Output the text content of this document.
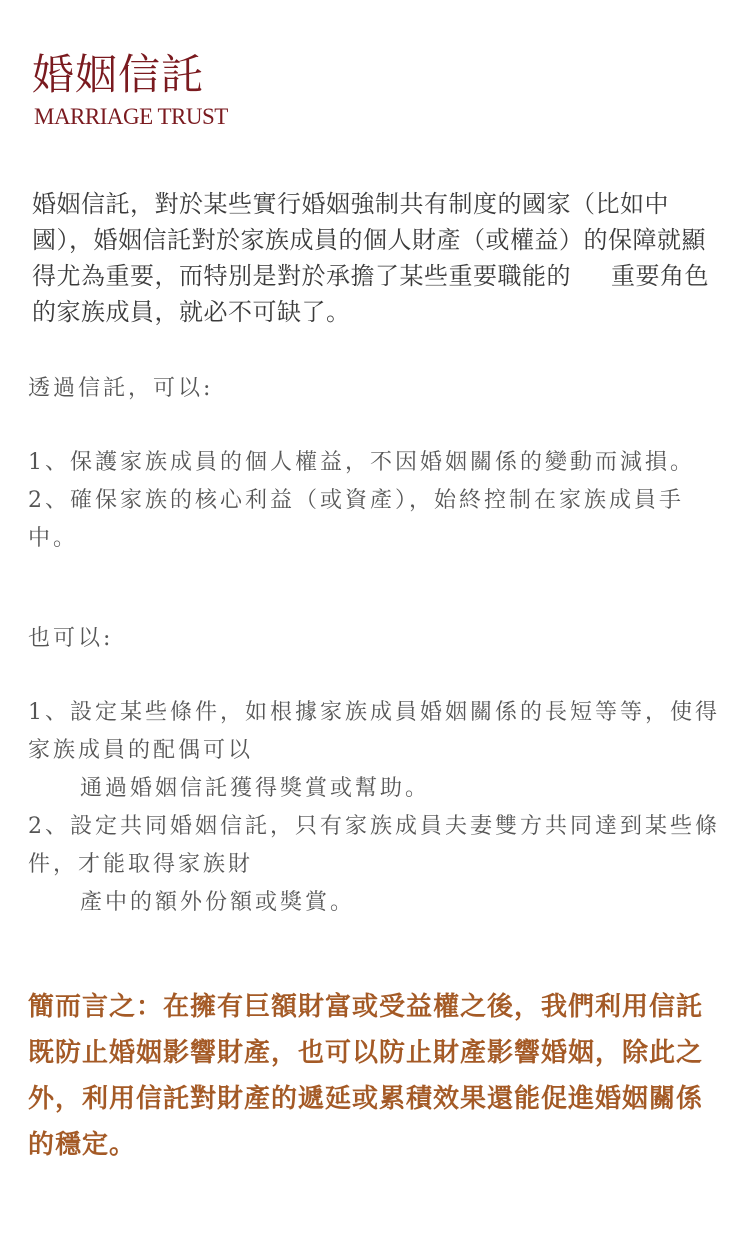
婚姻信託

MARRIAGE TRUST

婚姻信託，對於某些實行婚姻強制共有制度的國家（比如中國），婚姻信託對於家族成員的個人財產（或權益）的保障就顯得尤為重要，而特別是對於承擔了某些重要職能的 重要角色的家族成員，就必不可缺了。

透過信託，可以:

1、保護家族成員的個人權益，不因婚姻關係的變動而減損。
2、確保家族的核心利益（或資產），始終控制在家族成員手中。

也可以:

1、設定某些條件，如根據家族成員婚姻關係的長短等等，使得家族成員的配偶可以
通過婚姻信託獲得獎賞或幫助。
2、設定共同婚姻信託，只有家族成員夫妻雙方共同達到某些條件，才能取得家族財
產中的額外份額或獎賞。

簡而言之：在擁有巨額財富或受益權之後，我們利用信託既防止婚姻影響財產，也可以防止財產影響婚姻，除此之外，利用信託對財產的遞延或累積效果還能促進婚姻關係的穩定。
